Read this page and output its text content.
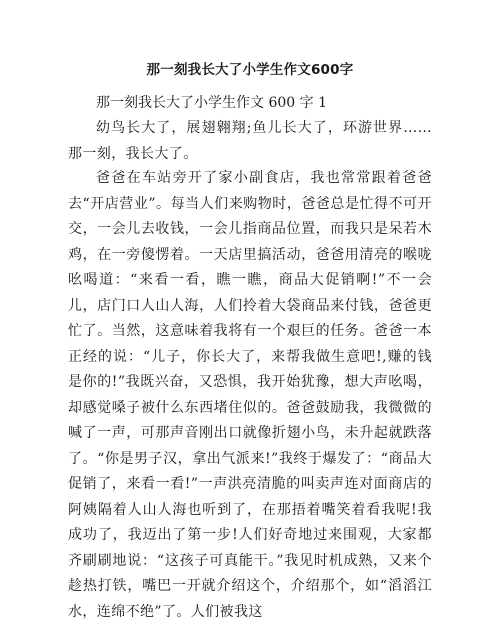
那一刻我长大了小学生作文600字
那一刻我长大了小学生作文 600 字 1

幼鸟长大了，展翅翱翔;鱼儿长大了，环游世界……那一刻，我长大了。

爸爸在车站旁开了家小副食店，我也常常跟着爸爸去“开店营业”。每当人们来购物时，爸爸总是忙得不可开交，一会儿去收钱，一会儿指商品位置，而我只是呆若木鸡，在一旁傻愣着。一天店里搞活动，爸爸用清亮的喉咙吆喝道：“来看一看，瞧一瞧，商品大促销啊!”不一会儿，店门口人山人海，人们拎着大袋商品来付钱，爸爸更忙了。当然，这意味着我将有一个艰巨的任务。爸爸一本正经的说：“儿子，你长大了，来帮我做生意吧!,赚的钱是你的!”我既兴奋，又恐惧，我开始犹豫，想大声吆喝，却感觉嗓子被什么东西堵住似的。爸爸鼓励我，我微微的喊了一声，可那声音刚出口就像折翅小鸟，未升起就跌落了。“你是男子汉，拿出气派来!”我终于爆发了：“商品大促销了，来看一看!”一声洪亮清脆的叫卖声连对面商店的阿姨隔着人山人海也听到了，在那捂着嘴笑着看我呢!我成功了，我迈出了第一步!人们好奇地过来围观，大家都齐刷刷地说：“这孩子可真能干。”我见时机成熟，又来个趁热打铁，嘴巴一开就介绍这个，介绍那个，如“滔滔江水，连绵不绝”了。人们被我这
